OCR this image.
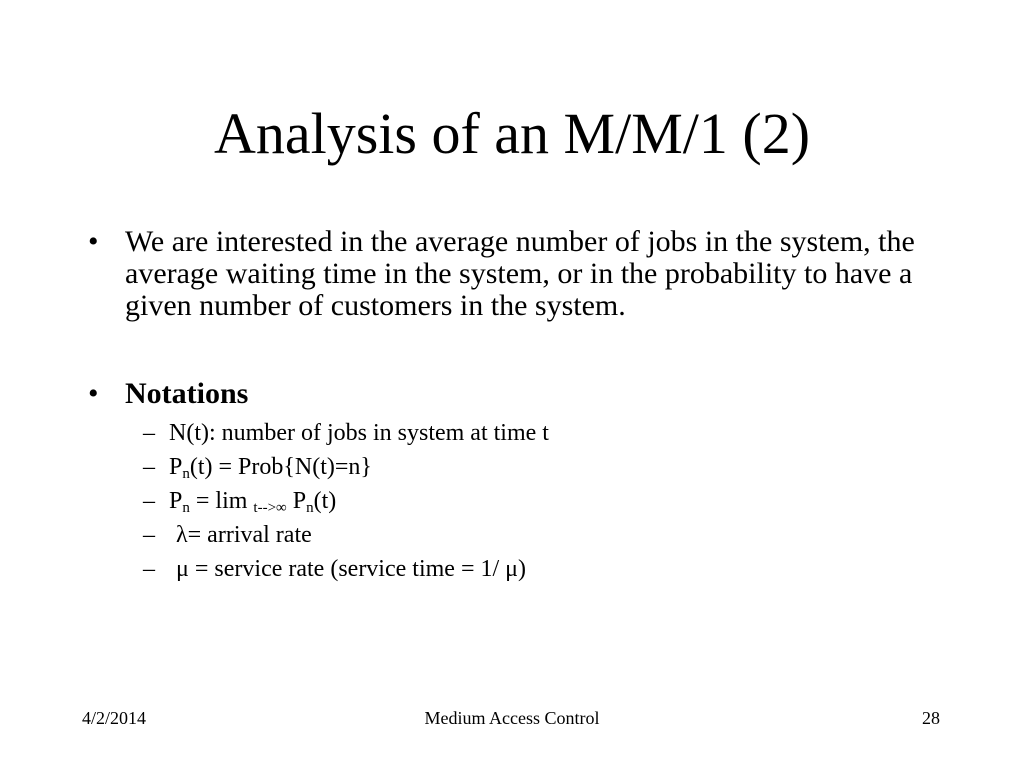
Analysis of an M/M/1 (2)
• We are interested in the average number of jobs in the system, the average waiting time in the system, or in the probability to have a given number of customers in the system.
• Notations
– N(t): number of jobs in system at time t
– $P_n(t)$ = Prob{N(t)=n}
– $P_n = \lim _{t-->\infty}$ $P_n(t)$
– λ= arrival rate
– μ = service rate (service time = 1/ μ)
4/2/2014	Medium Access Control	28
